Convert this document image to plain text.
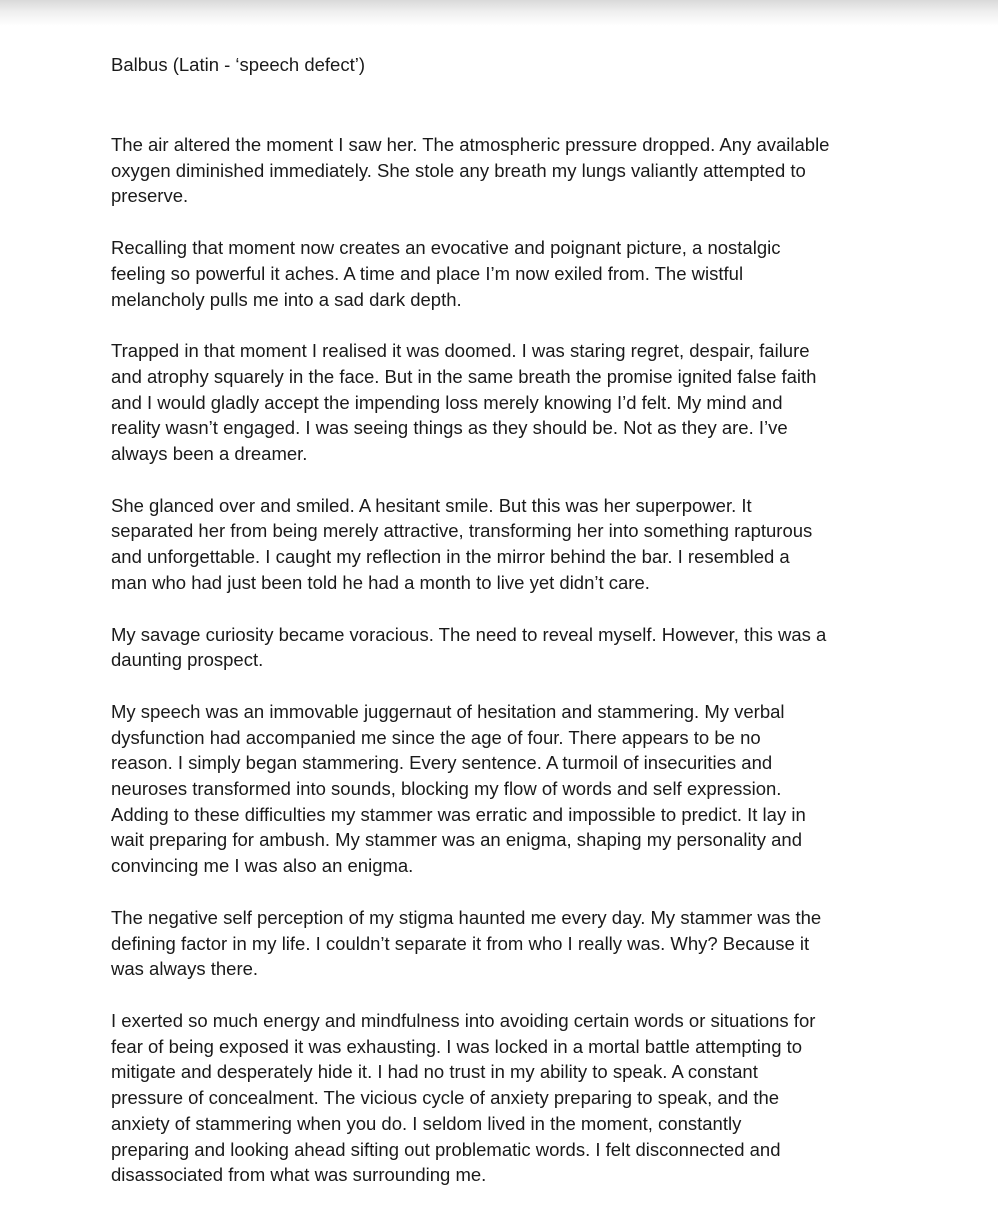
Balbus (Latin - ‘speech defect’)
The air altered the moment I saw her. The atmospheric pressure dropped. Any available
oxygen diminished immediately. She stole any breath my lungs valiantly attempted to
preserve.
Recalling that moment now creates an evocative and poignant picture, a nostalgic
feeling so powerful it aches. A time and place I’m now exiled from. The wistful
melancholy pulls me into a sad dark depth.
Trapped in that moment I realised it was doomed. I was staring regret, despair, failure
and atrophy squarely in the face. But in the same breath the promise ignited false faith
and I would gladly accept the impending loss merely knowing I’d felt. My mind and
reality wasn’t engaged. I was seeing things as they should be. Not as they are. I’ve
always been a dreamer.
She glanced over and smiled. A hesitant smile. But this was her superpower. It
separated her from being merely attractive, transforming her into something rapturous
and unforgettable. I caught my reflection in the mirror behind the bar. I resembled a
man who had just been told he had a month to live yet didn’t care.
My savage curiosity became voracious. The need to reveal myself. However, this was a
daunting prospect.
My speech was an immovable juggernaut of hesitation and stammering. My verbal
dysfunction had accompanied me since the age of four. There appears to be no
reason. I simply began stammering. Every sentence. A turmoil of insecurities and
neuroses transformed into sounds, blocking my flow of words and self expression.
Adding to these difficulties my stammer was erratic and impossible to predict. It lay in
wait preparing for ambush. My stammer was an enigma, shaping my personality and
convincing me I was also an enigma.
The negative self perception of my stigma haunted me every day. My stammer was the
defining factor in my life. I couldn’t separate it from who I really was. Why? Because it
was always there.
I exerted so much energy and mindfulness into avoiding certain words or situations for
fear of being exposed it was exhausting. I was locked in a mortal battle attempting to
mitigate and desperately hide it. I had no trust in my ability to speak. A constant
pressure of concealment. The vicious cycle of anxiety preparing to speak, and the
anxiety of stammering when you do. I seldom lived in the moment, constantly
preparing and looking ahead sifting out problematic words. I felt disconnected and
disassociated from what was surrounding me.
